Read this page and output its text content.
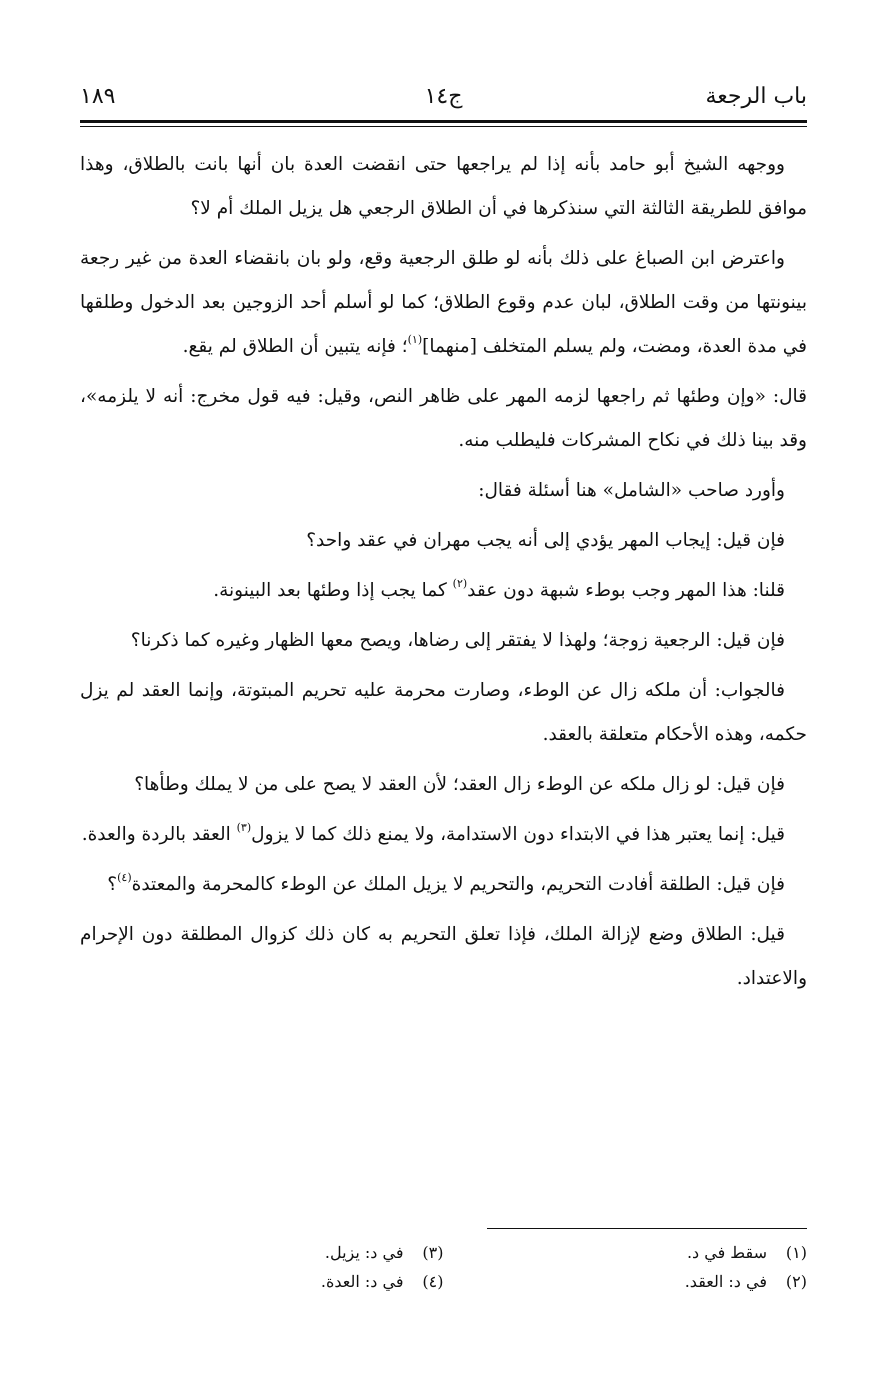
باب الرجعة
ج١٤
١٨٩

ووجهه الشيخ أبو حامد بأنه إذا لم يراجعها حتى انقضت العدة بان أنها بانت بالطلاق، وهذا موافق للطريقة الثالثة التي سنذكرها في أن الطلاق الرجعي هل يزيل الملك أم لا؟

واعترض ابن الصباغ على ذلك بأنه لو طلق الرجعية وقع، ولو بان بانقضاء العدة من غير رجعة بينونتها من وقت الطلاق، لبان عدم وقوع الطلاق؛ كما لو أسلم أحد الزوجين بعد الدخول وطلقها في مدة العدة، ومضت، ولم يسلم المتخلف [منهما]$^{(١)}$؛ فإنه يتبين أن الطلاق لم يقع.

قال: «وإن وطئها ثم راجعها لزمه المهر على ظاهر النص، وقيل: فيه قول مخرج: أنه لا يلزمه»، وقد بينا ذلك في نكاح المشركات فليطلب منه.

وأورد صاحب «الشامل» هنا أسئلة فقال:

فإن قيل: إيجاب المهر يؤدي إلى أنه يجب مهران في عقد واحد؟

قلنا: هذا المهر وجب بوطء شبهة دون عقد$^{(٢)}$ كما يجب إذا وطئها بعد البينونة.

فإن قيل: الرجعية زوجة؛ ولهذا لا يفتقر إلى رضاها، ويصح معها الظهار وغيره كما ذكرنا؟

فالجواب: أن ملكه زال عن الوطء، وصارت محرمة عليه تحريم المبتوتة، وإنما العقد لم يزل حكمه، وهذه الأحكام متعلقة بالعقد.

فإن قيل: لو زال ملكه عن الوطء زال العقد؛ لأن العقد لا يصح على من لا يملك وطأها؟

قيل: إنما يعتبر هذا في الابتداء دون الاستدامة، ولا يمنع ذلك كما لا يزول$^{(٣)}$ العقد بالردة والعدة.

فإن قيل: الطلقة أفادت التحريم، والتحريم لا يزيل الملك عن الوطء كالمحرمة والمعتدة$^{(٤)}$؟

قيل: الطلاق وضع لإزالة الملك، فإذا تعلق التحريم به كان ذلك كزوال المطلقة دون الإحرام والاعتداد.

(١)سقط في د.
(٢)في د: العقد.
(٣)في د: يزيل.
(٤)في د: العدة.
